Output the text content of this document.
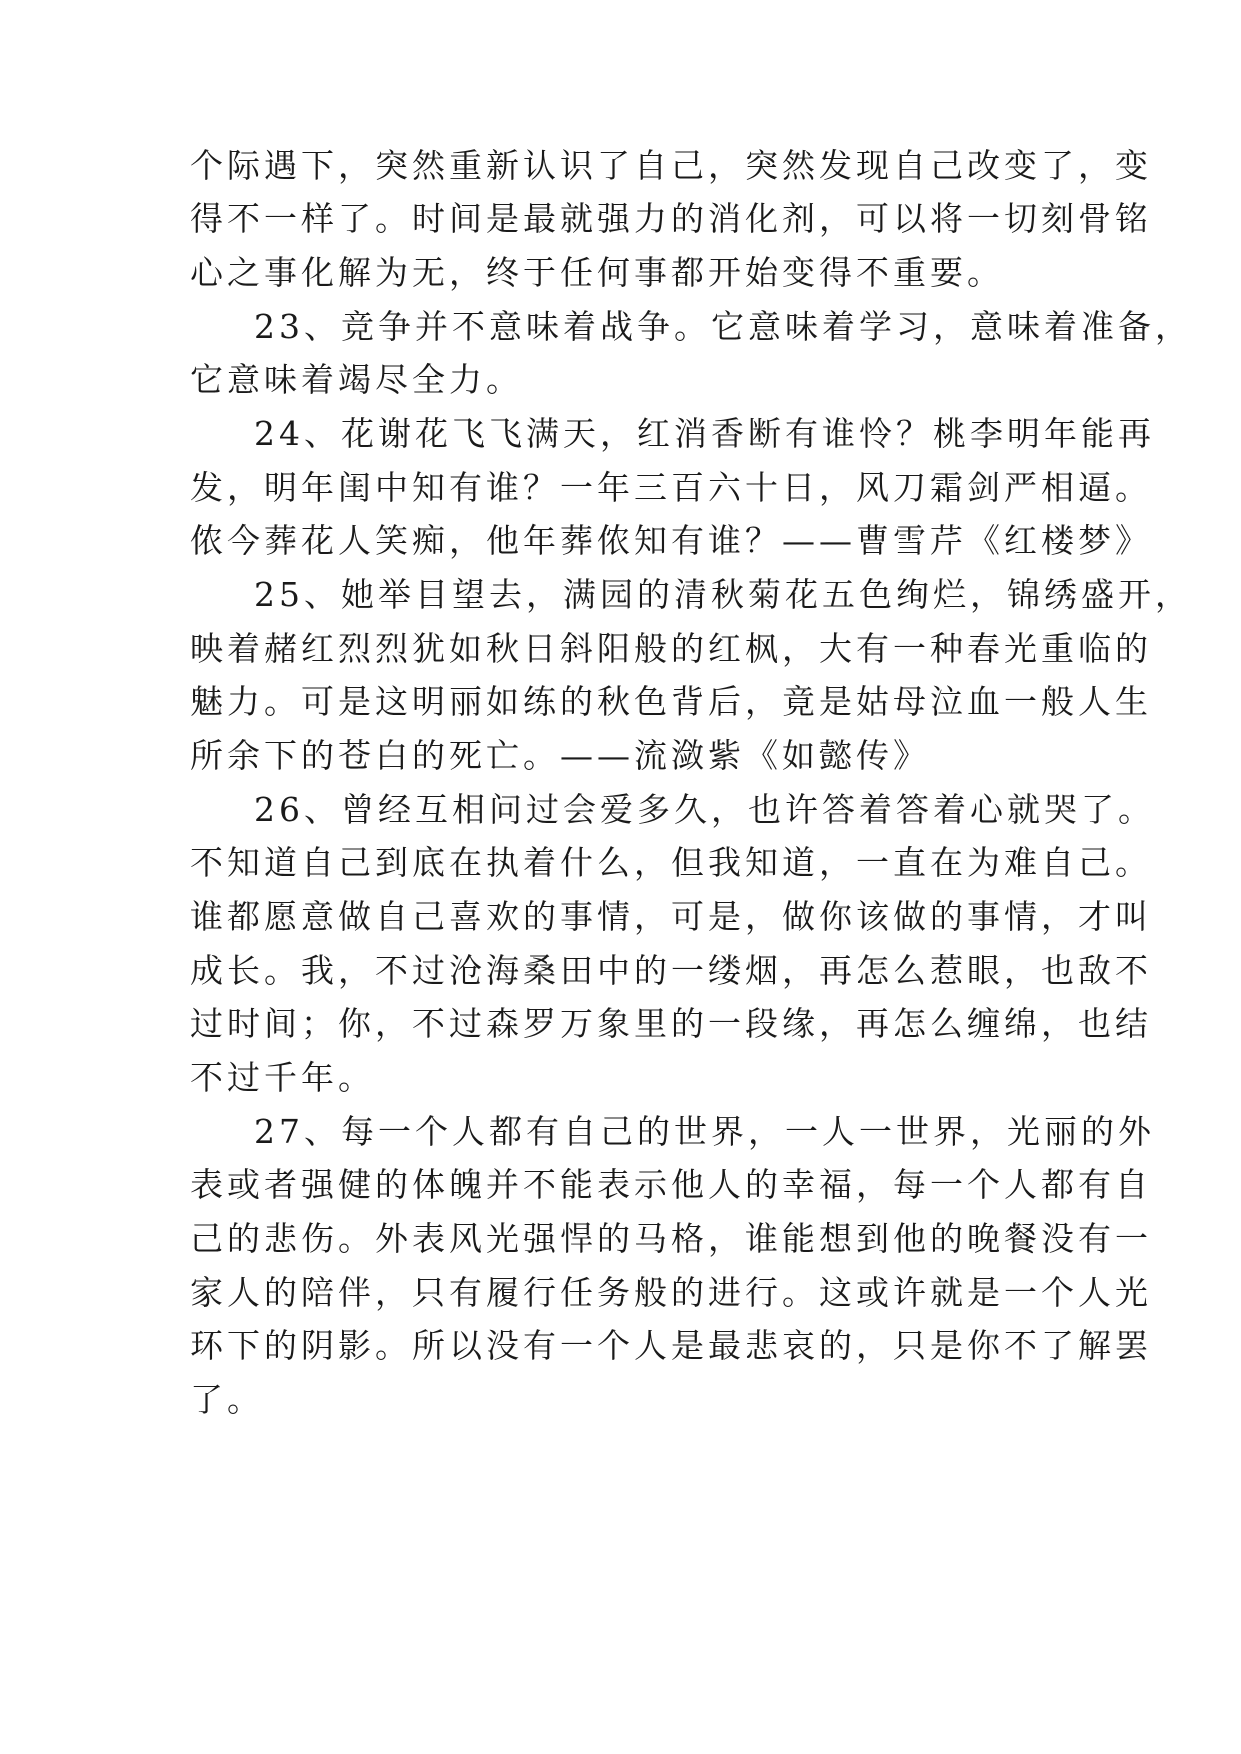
个际遇下，突然重新认识了自己，突然发现自己改变了，变

得不一样了。时间是最就强力的消化剂，可以将一切刻骨铭

心之事化解为无，终于任何事都开始变得不重要。

23、竞争并不意味着战争。它意味着学习，意味着准备，

它意味着竭尽全力。

24、花谢花飞飞满天，红消香断有谁怜？桃李明年能再

发，明年闺中知有谁？一年三百六十日，风刀霜剑严相逼。

侬今葬花人笑痴，他年葬侬知有谁？——曹雪芹《红楼梦》

25、她举目望去，满园的清秋菊花五色绚烂，锦绣盛开，

映着赭红烈烈犹如秋日斜阳般的红枫，大有一种春光重临的

魅力。可是这明丽如练的秋色背后，竟是姑母泣血一般人生

所余下的苍白的死亡。——流潋紫《如懿传》

26、曾经互相问过会爱多久，也许答着答着心就哭了。

不知道自己到底在执着什么，但我知道，一直在为难自己。

谁都愿意做自己喜欢的事情，可是，做你该做的事情，才叫

成长。我，不过沧海桑田中的一缕烟，再怎么惹眼，也敌不

过时间；你，不过森罗万象里的一段缘，再怎么缠绵，也结

不过千年。

27、每一个人都有自己的世界，一人一世界，光丽的外

表或者强健的体魄并不能表示他人的幸福，每一个人都有自

己的悲伤。外表风光强悍的马格，谁能想到他的晚餐没有一

家人的陪伴，只有履行任务般的进行。这或许就是一个人光

环下的阴影。所以没有一个人是最悲哀的，只是你不了解罢

了。
